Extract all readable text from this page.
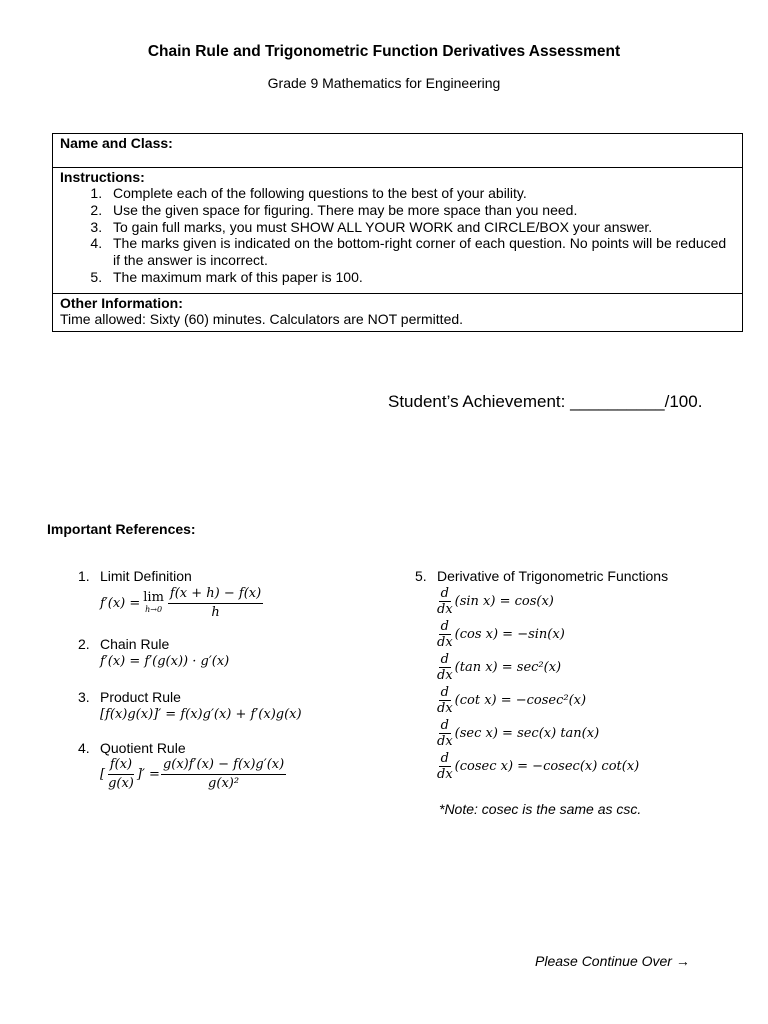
Chain Rule and Trigonometric Function Derivatives Assessment
Grade 9 Mathematics for Engineering
Name and Class:
Instructions:
1. Complete each of the following questions to the best of your ability.
2. Use the given space for figuring. There may be more space than you need.
3. To gain full marks, you must SHOW ALL YOUR WORK and CIRCLE/BOX your answer.
4. The marks given is indicated on the bottom-right corner of each question. No points will be reduced if the answer is incorrect.
5. The maximum mark of this paper is 100.
Other Information:
Time allowed: Sixty (60) minutes. Calculators are NOT permitted.
Student’s Achievement: __________/100.
Important References:
1. Limit Definition
f′(x) = lim
$h\to 0 \frac{f(x + h) - f(x)}{h}$
2. Chain Rule
f′(x) = f′(g(x)) · g′(x)
3. Product Rule
[f(x)g(x)]′ = f(x)g′(x) + f′(x)g(x)
4. Quotient Rule
[ $\frac{f(x)}{g(x)}$ ]′ = $\frac{g(x)f'(x) - f(x)g'(x)}{\text{g(x)²}}$
5. Derivative of Trigonometric Functions
d
dx
(sin x) = cos(x)
d
dx
(cos x) = −sin(x)
d
dx
(tan x) = sec²(x)
d
dx
(cot x) = −cosec²(x)
d
dx
(sec x) = sec(x) tan(x)
d
dx
(cosec x) = −cosec(x) cot(x)
*Note: cosec is the same as csc.
Please Continue Over →
